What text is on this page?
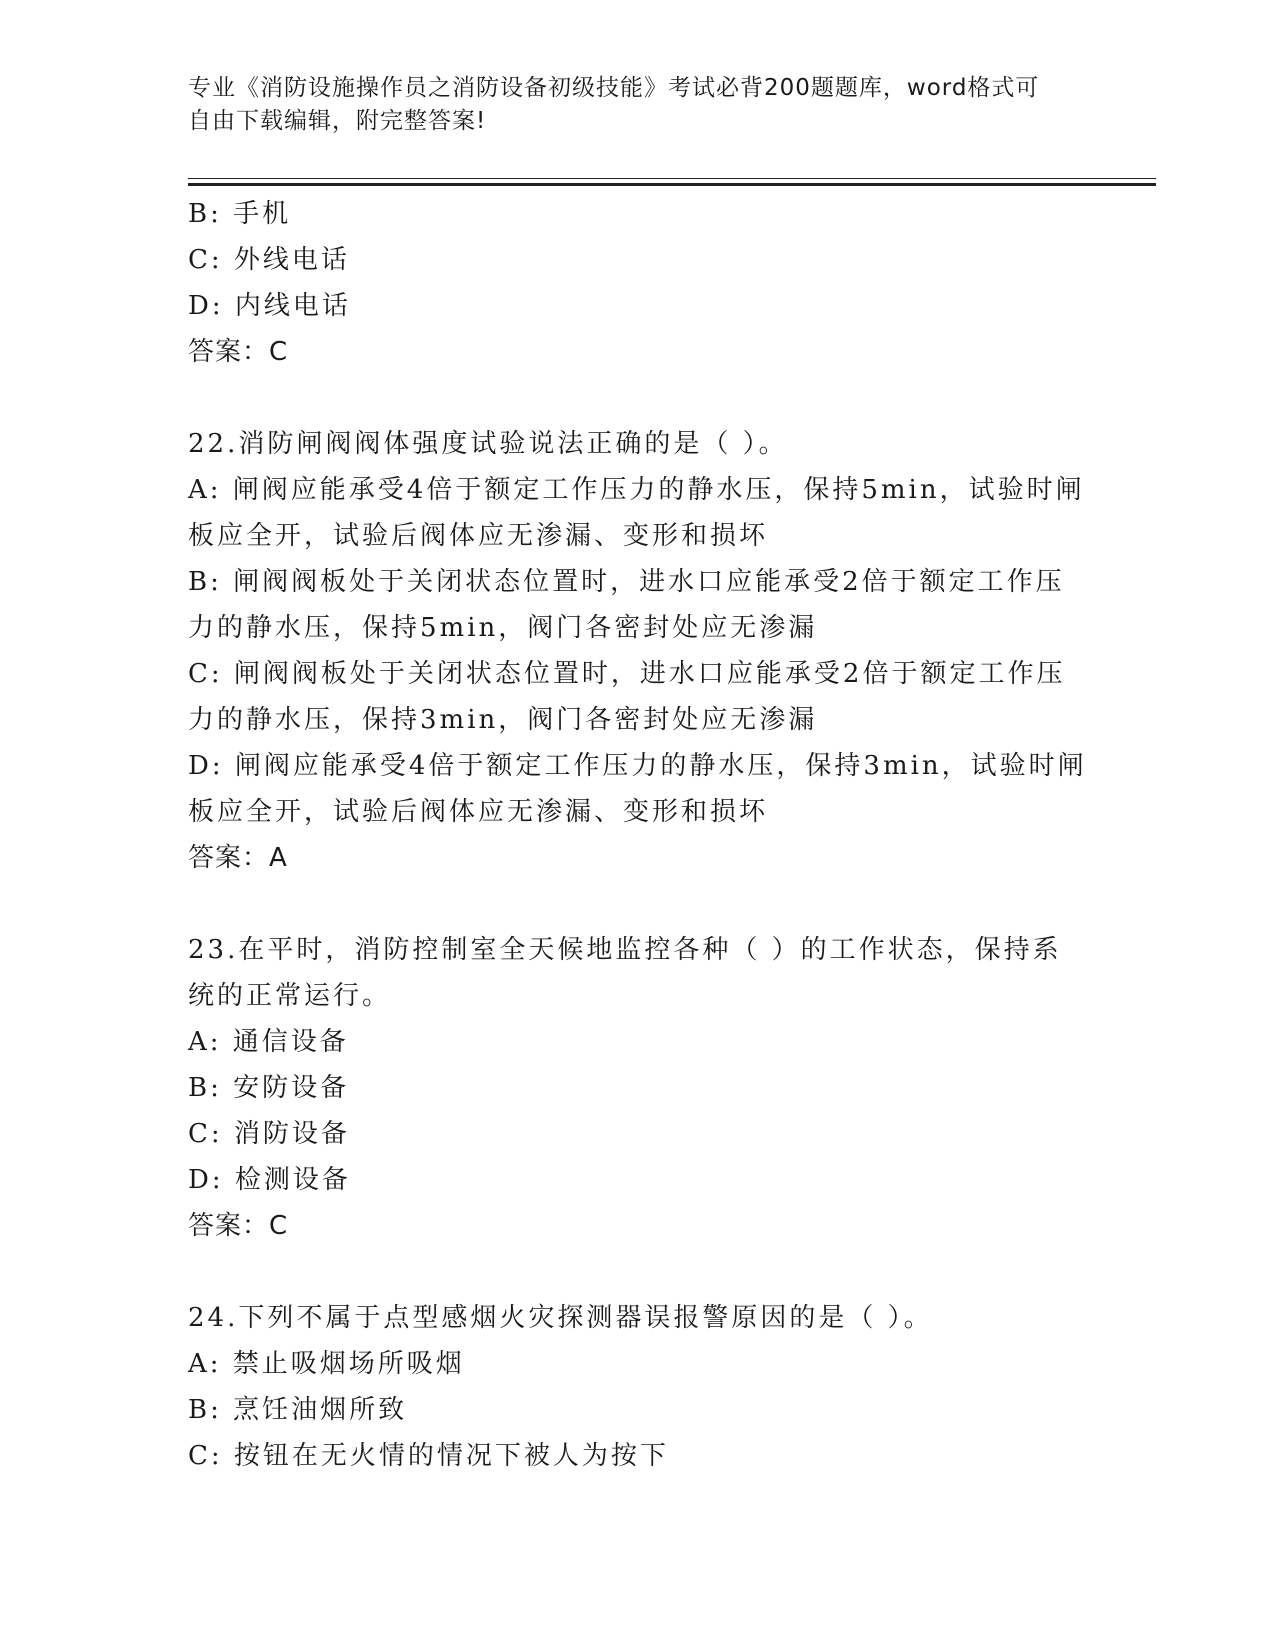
专业《消防设施操作员之消防设备初级技能》考试必背200题题库，word格式可
自由下载编辑，附完整答案!
B: 手机
C: 外线电话
D: 内线电话
答案：C
22.消防闸阀阀体强度试验说法正确的是（ ）。
A: 闸阀应能承受4倍于额定工作压力的静水压，保持5min，试验时闸
板应全开，试验后阀体应无渗漏、变形和损坏
B: 闸阀阀板处于关闭状态位置时，进水口应能承受2倍于额定工作压
力的静水压，保持5min，阀门各密封处应无渗漏
C: 闸阀阀板处于关闭状态位置时，进水口应能承受2倍于额定工作压
力的静水压，保持3min，阀门各密封处应无渗漏
D: 闸阀应能承受4倍于额定工作压力的静水压，保持3min，试验时闸
板应全开，试验后阀体应无渗漏、变形和损坏
答案：A
23.在平时，消防控制室全天候地监控各种（ ）的工作状态，保持系
统的正常运行。
A: 通信设备
B: 安防设备
C: 消防设备
D: 检测设备
答案：C
24.下列不属于点型感烟火灾探测器误报警原因的是（ ）。
A: 禁止吸烟场所吸烟
B: 烹饪油烟所致
C: 按钮在无火情的情况下被人为按下
